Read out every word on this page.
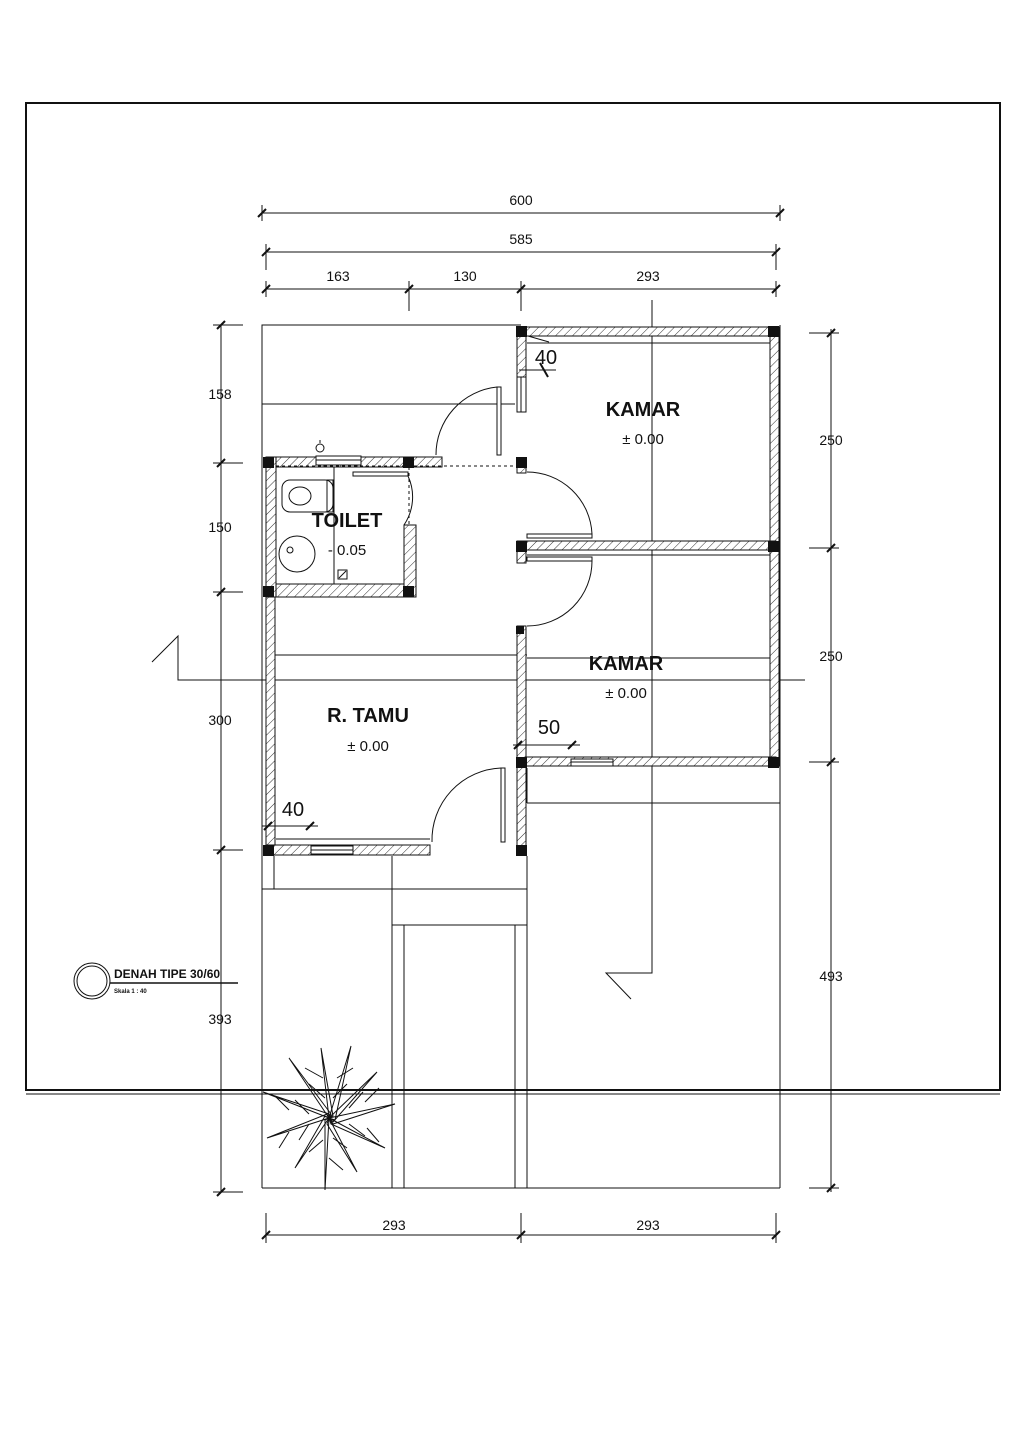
600
585
163	130	293
158
150
300
393
250
250
493
293	293
40
50
40
KAMAR
± 0.00
KAMAR
± 0.00
TOILET
- 0.05
R. TAMU
± 0.00
DENAH TIPE 30/60
Skala 1 : 40
